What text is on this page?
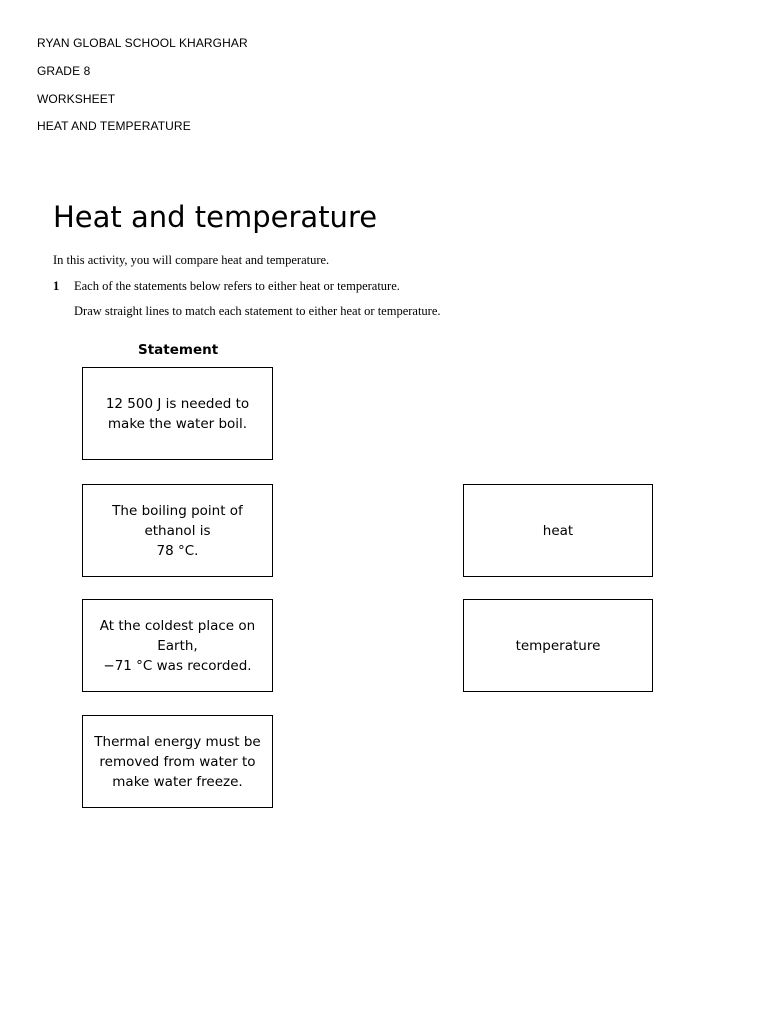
RYAN GLOBAL SCHOOL KHARGHAR
GRADE 8
WORKSHEET
HEAT AND TEMPERATURE
Heat and temperature
In this activity, you will compare heat and temperature.
1 Each of the statements below refers to either heat or temperature.
Draw straight lines to match each statement to either heat or temperature.
Statement
12 500 J is needed to
make the water boil.
The boiling point of
ethanol is
78 °C.
At the coldest place on
Earth,
−71 °C was recorded.
Thermal energy must be
removed from water to
make water freeze.
heat
temperature
